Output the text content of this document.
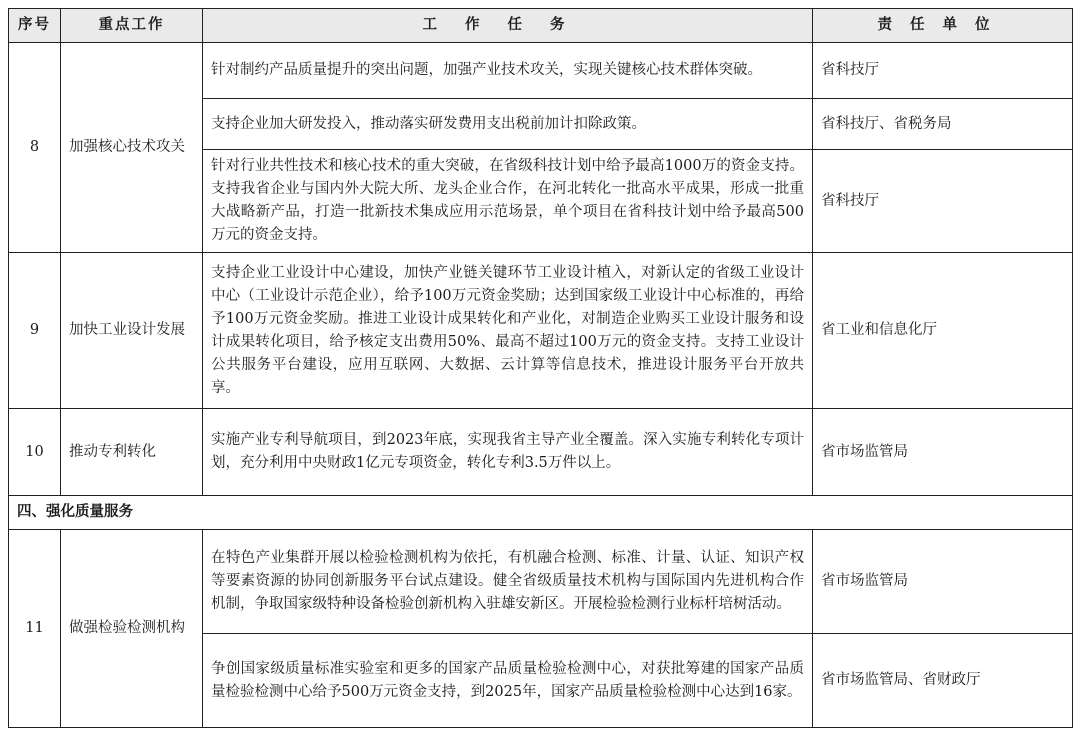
序号	重点工作	工作任务	责任单位
8	加强核心技术攻关	针对制约产品质量提升的突出问题，加强产业技术攻关，实现关键核心技术群体突破。	省科技厅
		支持企业加大研发投入，推动落实研发费用支出税前加计扣除政策。	省科技厅、省税务局
		针对行业共性技术和核心技术的重大突破，在省级科技计划中给予最高1000万的资金支持。支持我省企业与国内外大院大所、龙头企业合作，在河北转化一批高水平成果，形成一批重大战略新产品，打造一批新技术集成应用示范场景，单个项目在省科技计划中给予最高500万元的资金支持。	省科技厅
9	加快工业设计发展	支持企业工业设计中心建设，加快产业链关键环节工业设计植入，对新认定的省级工业设计中心（工业设计示范企业），给予100万元资金奖励；达到国家级工业设计中心标准的，再给予100万元资金奖励。推进工业设计成果转化和产业化，对制造企业购买工业设计服务和设计成果转化项目，给予核定支出费用50%、最高不超过100万元的资金支持。支持工业设计公共服务平台建设，应用互联网、大数据、云计算等信息技术，推进设计服务平台开放共享。	省工业和信息化厅
10	推动专利转化	实施产业专利导航项目，到2023年底，实现我省主导产业全覆盖。深入实施专利转化专项计划，充分利用中央财政1亿元专项资金，转化专利3.5万件以上。	省市场监管局
四、强化质量服务			
11	做强检验检测机构	在特色产业集群开展以检验检测机构为依托，有机融合检测、标准、计量、认证、知识产权等要素资源的协同创新服务平台试点建设。健全省级质量技术机构与国际国内先进机构合作机制，争取国家级特种设备检验创新机构入驻雄安新区。开展检验检测行业标杆培树活动。	省市场监管局
		争创国家级质量标准实验室和更多的国家产品质量检验检测中心，对获批筹建的国家产品质量检验检测中心给予500万元资金支持，到2025年，国家产品质量检验检测中心达到16家。	省市场监管局、省财政厅
